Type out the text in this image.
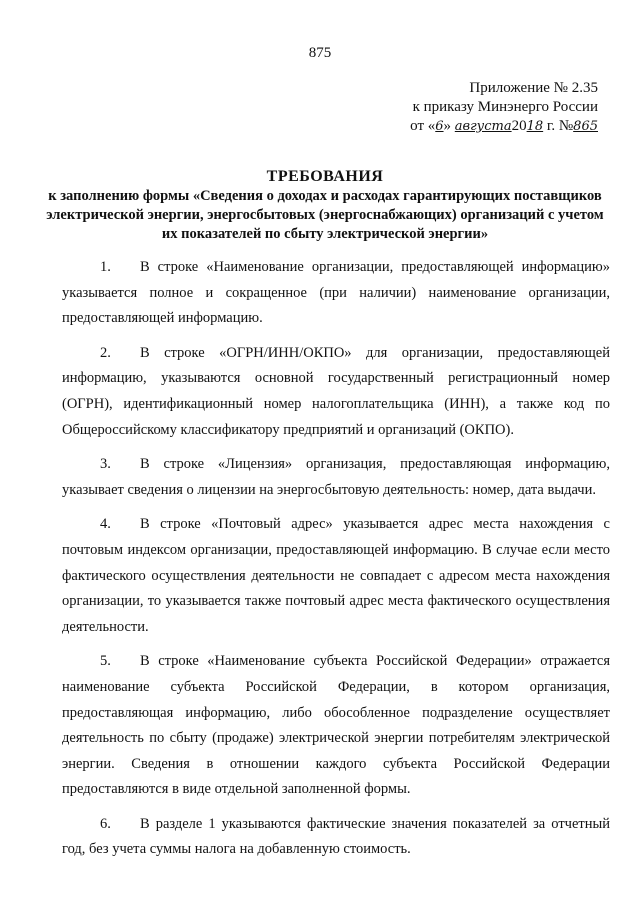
875
Приложение № 2.35
к приказу Минэнерго России
от «6» августа2018 г. №865
ТРЕБОВАНИЯ
к заполнению формы «Сведения о доходах и расходах гарантирующих поставщиков электрической энергии, энергосбытовых (энергоснабжающих) организаций с учетом их показателей по сбыту электрической энергии»

1. В строке «Наименование организации, предоставляющей информацию» указывается полное и сокращенное (при наличии) наименование организации, предоставляющей информацию.

2. В строке «ОГРН/ИНН/ОКПО» для организации, предоставляющей информацию, указываются основной государственный регистрационный номер (ОГРН), идентификационный номер налогоплательщика (ИНН), а также код по Общероссийскому классификатору предприятий и организаций (ОКПО).

3. В строке «Лицензия» организация, предоставляющая информацию, указывает сведения о лицензии на энергосбытовую деятельность: номер, дата выдачи.

4. В строке «Почтовый адрес» указывается адрес места нахождения с почтовым индексом организации, предоставляющей информацию. В случае если место фактического осуществления деятельности не совпадает с адресом места нахождения организации, то указывается также почтовый адрес места фактического осуществления деятельности.

5. В строке «Наименование субъекта Российской Федерации» отражается наименование субъекта Российской Федерации, в котором организация, предоставляющая информацию, либо обособленное подразделение осуществляет деятельность по сбыту (продаже) электрической энергии потребителям электрической энергии. Сведения в отношении каждого субъекта Российской Федерации предоставляются в виде отдельной заполненной формы.

6. В разделе 1 указываются фактические значения показателей за отчетный год, без учета суммы налога на добавленную стоимость.
